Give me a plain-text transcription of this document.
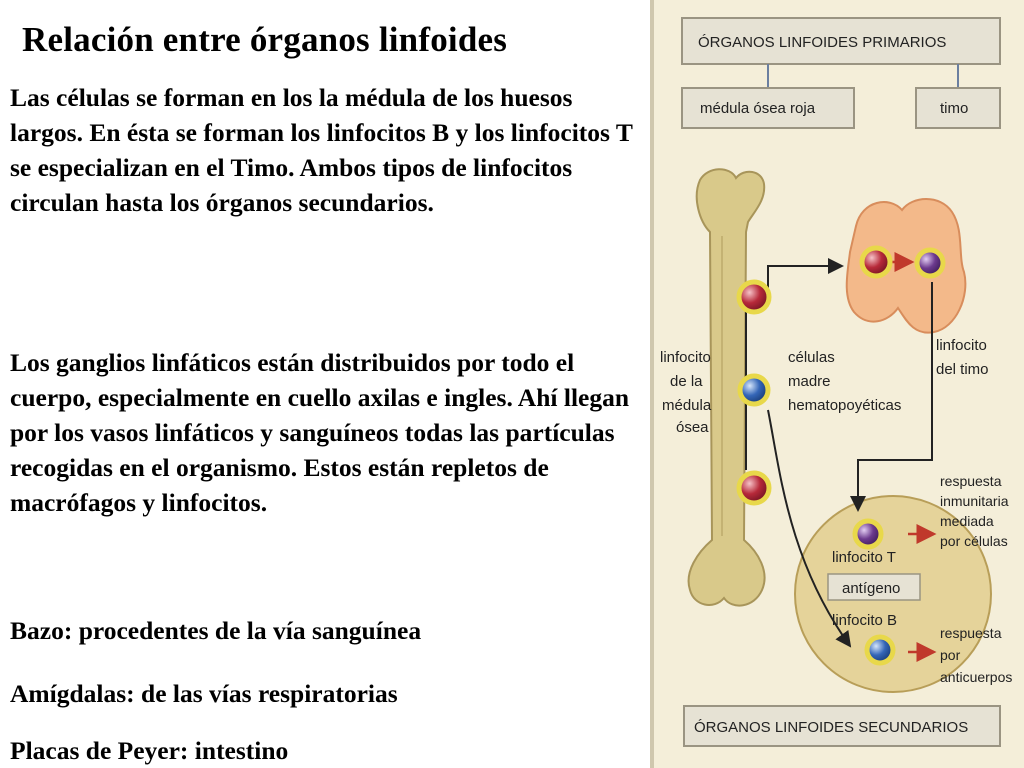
Relación entre órganos linfoides

Las células se forman en los la médula de los huesos largos. En ésta se forman los linfocitos B y los linfocitos T se especializan en el Timo. Ambos tipos de linfocitos circulan hasta los órganos secundarios.

Los ganglios linfáticos están distribuidos por todo el cuerpo, especialmente en cuello axilas e ingles. Ahí llegan por los vasos linfáticos y sanguíneos todas las partículas recogidas en el organismo. Estos están repletos de macrófagos y linfocitos.

Bazo: procedentes de la vía sanguínea

Amígdalas: de las vías respiratorias

Placas de Peyer: intestino

ÓRGANOS LINFOIDES PRIMARIOS
médula ósea roja	timo
linfocito
de la
médula
ósea
células
madre
hematopoyéticas
linfocito
del timo
respuesta
inmunitaria
mediada
por células
linfocito T
antígeno
linfocito B
respuesta
por
anticuerpos
ÓRGANOS LINFOIDES SECUNDARIOS
